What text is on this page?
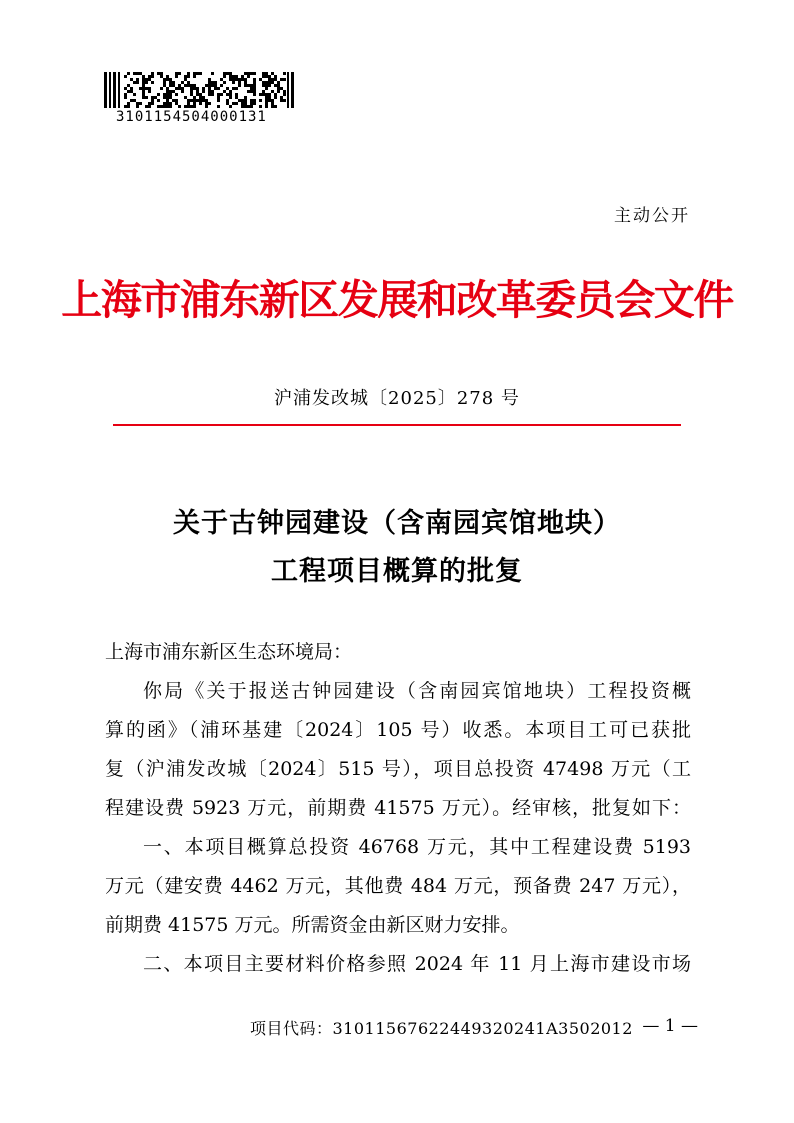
3101154504000131
主动公开
上海市浦东新区发展和改革委员会文件
沪浦发改城〔2025〕278 号
关于古钟园建设（含南园宾馆地块）
工程项目概算的批复
上海市浦东新区生态环境局：
你局《关于报送古钟园建设（含南园宾馆地块）工程投资概
算的函》（浦环基建〔2024〕105 号）收悉。本项目工可已获批
复（沪浦发改城〔2024〕515 号），项目总投资 47498 万元（工
程建设费 5923 万元，前期费 41575 万元）。经审核，批复如下：
一、本项目概算总投资 46768 万元，其中工程建设费 5193
万元（建安费 4462 万元，其他费 484 万元，预备费 247 万元），
前期费 41575 万元。所需资金由新区财力安排。
二、本项目主要材料价格参照 2024 年 11 月上海市建设市场
项目代码：31011567622449320241A3502012 — 1 —
